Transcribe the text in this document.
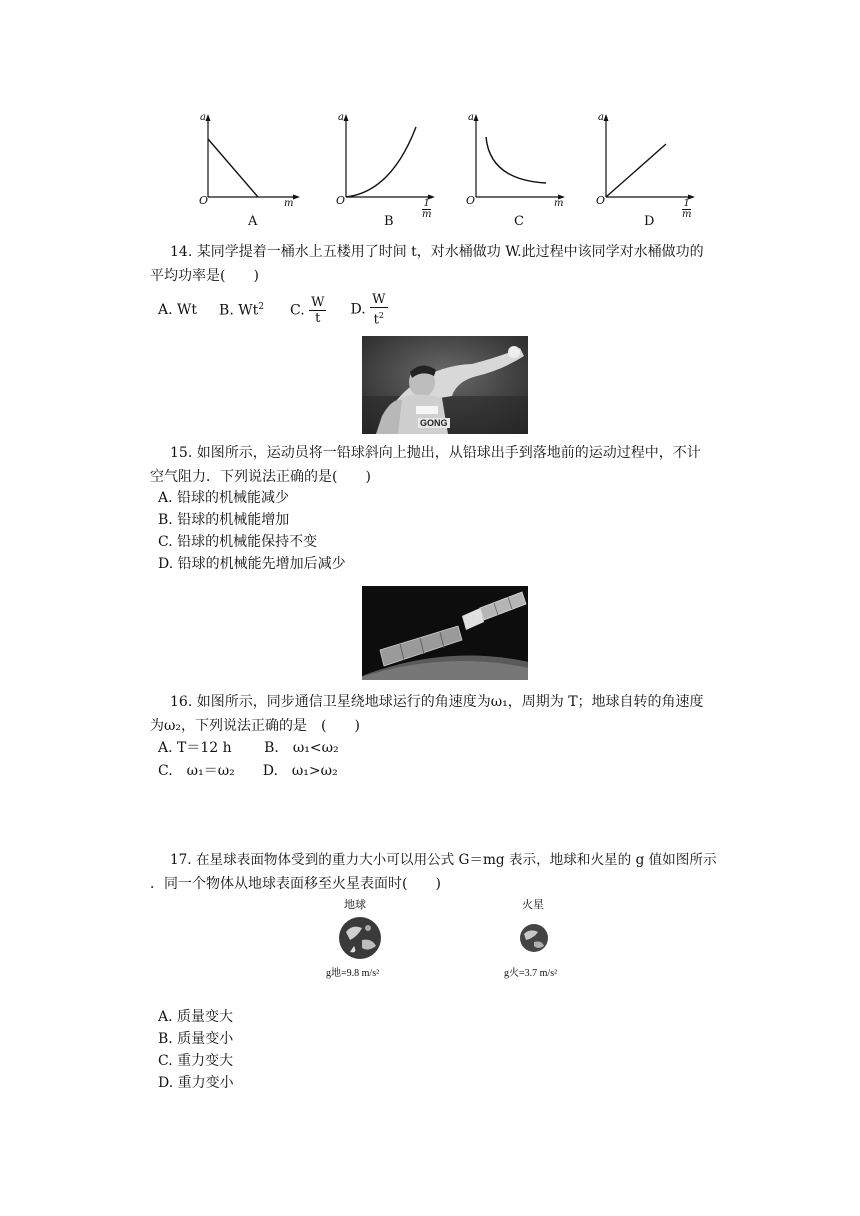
a
O	m
A
a
O	$\frac{1}{m}$
B
a
O	m
C
a
O	$\frac{1}{m}$
D
14. 某同学提着一桶水上五楼用了时间 t，对水桶做功 W.此过程中该同学对水桶做功的
平均功率是(　　)
A. Wt B. Wt$^2$ C. $\frac{W}{t} D$. $\frac{W}{t^2}$
GONG
15. 如图所示，运动员将一铅球斜向上抛出，从铅球出手到落地前的运动过程中，不计
空气阻力．下列说法正确的是(　　)
A. 铅球的机械能减少
B. 铅球的机械能增加
C. 铅球的机械能保持不变
D. 铅球的机械能先增加后减少
16. 如图所示，同步通信卫星绕地球运行的角速度为ω₁，周期为 T；地球自转的角速度
为ω₂，下列说法正确的是　(　　)
A. T＝12 h　　 B.　ω₁<ω₂
C.　ω₁＝ω₂　　D.　ω₁>ω₂
17. 在星球表面物体受到的重力大小可以用公式 G＝mg 表示，地球和火星的 g 值如图所示
．同一个物体从地球表面移至火星表面时(　　)
地球	火星
g地=9.8 m/s²	g火=3.7 m/s²
A. 质量变大
B. 质量变小
C. 重力变大
D. 重力变小
